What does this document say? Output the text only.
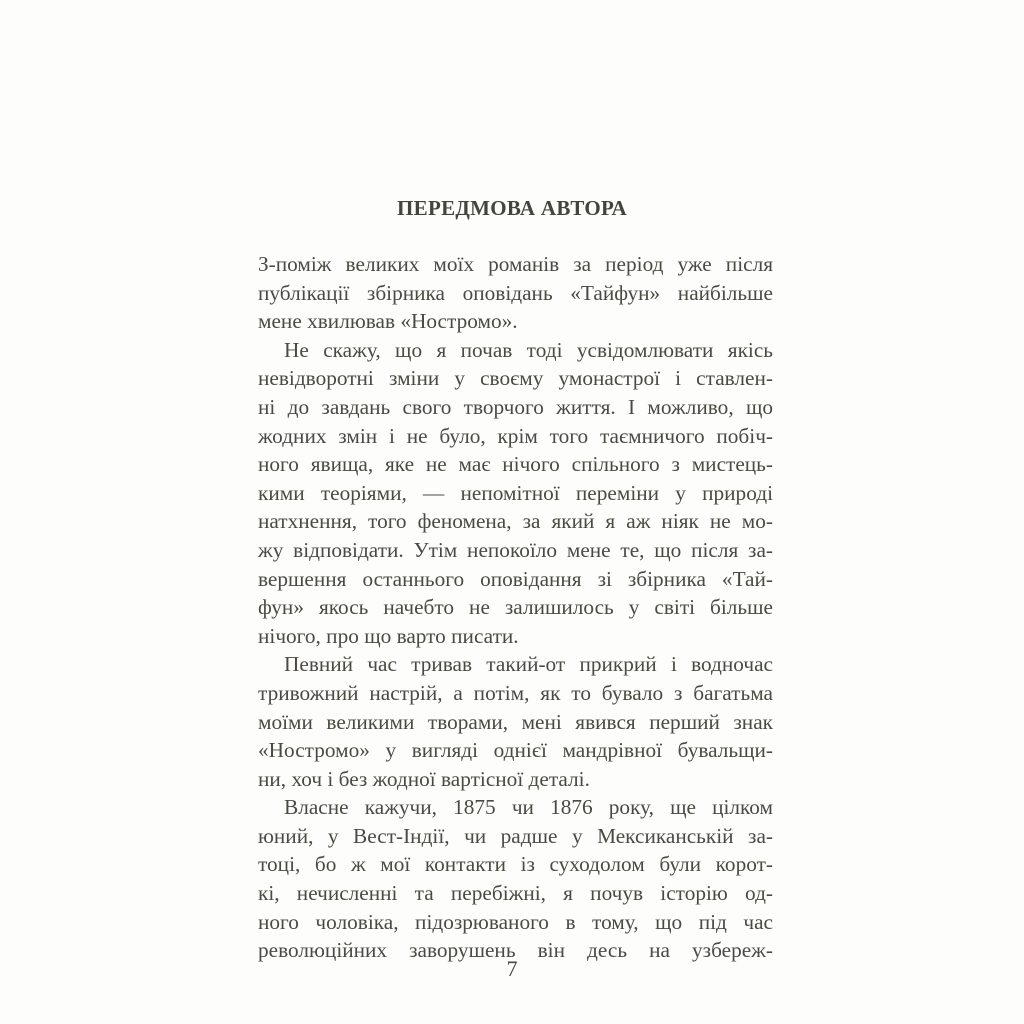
ПЕРЕДМОВА АВТОРА
З-поміж великих моїх романів за період уже після
публікації збірника оповідань «Тайфун» найбільше
мене хвилював «Ностромо».
Не скажу, що я почав тоді усвідомлювати якісь
невідворотні зміни у своєму умонастрої і ставлен-
ні до завдань свого творчого життя. І можливо, що
жодних змін і не було, крім того таємничого побіч-
ного явища, яке не має нічого спільного з мистець-
кими теоріями, — непомітної переміни у природі
натхнення, того феномена, за який я аж ніяк не мо-
жу відповідати. Утім непокоїло мене те, що після за-
вершення останнього оповідання зі збірника «Тай-
фун» якось начебто не залишилось у світі більше
нічого, про що варто писати.
Певний час тривав такий-от прикрий і водночас
тривожний настрій, а потім, як то бувало з багатьма
моїми великими творами, мені явився перший знак
«Ностромо» у вигляді однієї мандрівної бувальщи-
ни, хоч і без жодної вартісної деталі.
Власне кажучи, 1875 чи 1876 року, ще цілком
юний, у Вест-Індії, чи радше у Мексиканській за-
тоці, бо ж мої контакти із суходолом були корот-
кі, нечисленні та перебіжні, я почув історію од-
ного чоловіка, підозрюваного в тому, що під час
революційних заворушень він десь на узбереж-
7
